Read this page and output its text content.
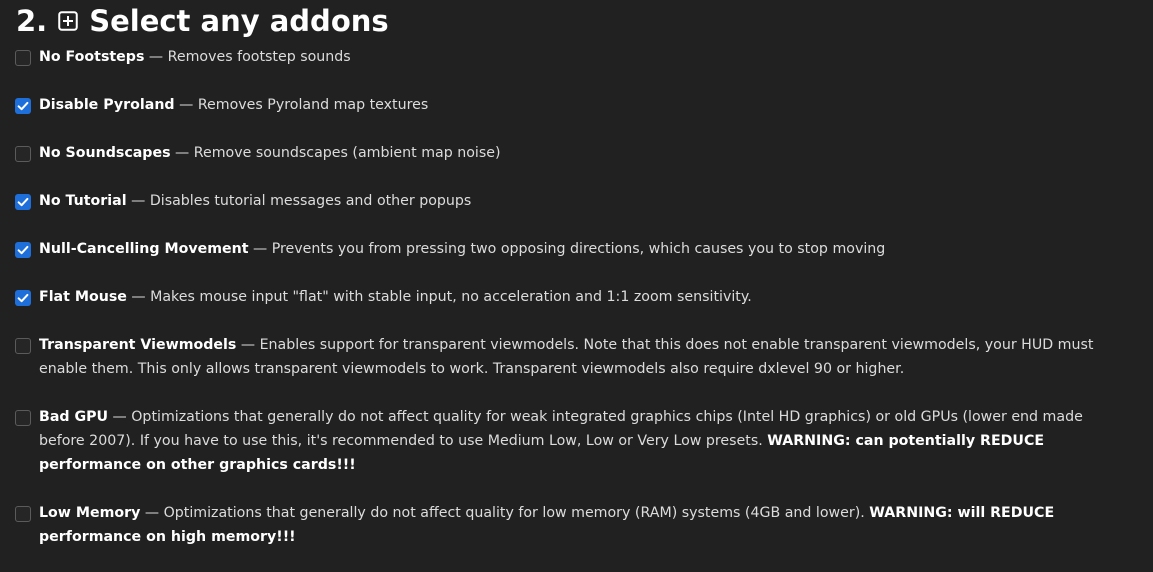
2. Select any addons
No Footsteps — Removes footstep sounds
Disable Pyroland — Removes Pyroland map textures
No Soundscapes — Remove soundscapes (ambient map noise)
No Tutorial — Disables tutorial messages and other popups
Null-Cancelling Movement — Prevents you from pressing two opposing directions, which causes you to stop moving
Flat Mouse — Makes mouse input "flat" with stable input, no acceleration and 1:1 zoom sensitivity.
Transparent Viewmodels — Enables support for transparent viewmodels. Note that this does not enable transparent viewmodels, your HUD must enable them. This only allows transparent viewmodels to work. Transparent viewmodels also require dxlevel 90 or higher.
Bad GPU — Optimizations that generally do not affect quality for weak integrated graphics chips (Intel HD graphics) or old GPUs (lower end made before 2007). If you have to use this, it's recommended to use Medium Low, Low or Very Low presets. WARNING: can potentially REDUCE performance on other graphics cards!!!
Low Memory — Optimizations that generally do not affect quality for low memory (RAM) systems (4GB and lower). WARNING: will REDUCE performance on high memory!!!
